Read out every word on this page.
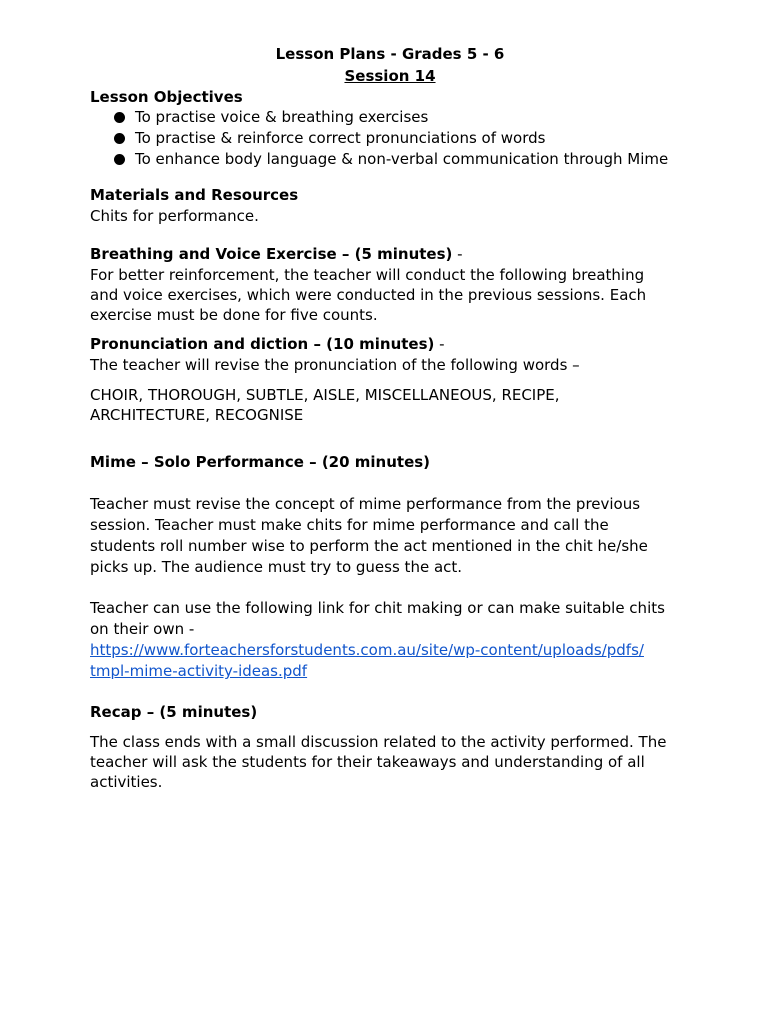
Lesson Plans - Grades 5 - 6
Session 14
Lesson Objectives
To practise voice & breathing exercises
To practise & reinforce correct pronunciations of words
To enhance body language & non-verbal communication through Mime
Materials and Resources
Chits for performance.
Breathing and Voice Exercise – (5 minutes) -

For better reinforcement, the teacher will conduct the following breathing and voice exercises, which were conducted in the previous sessions. Each exercise must be done for five counts.

Pronunciation and diction – (10 minutes) -
The teacher will revise the pronunciation of the following words –

CHOIR, THOROUGH, SUBTLE, AISLE, MISCELLANEOUS, RECIPE, ARCHITECTURE, RECOGNISE

Mime – Solo Performance – (20 minutes)

Teacher must revise the concept of mime performance from the previous session. Teacher must make chits for mime performance and call the students roll number wise to perform the act mentioned in the chit he/she picks up. The audience must try to guess the act.

Teacher can use the following link for chit making or can make suitable chits on their own -

https://www.forteachersforstudents.com.au/site/wp-content/uploads/pdfs/
tmpl-mime-activity-ideas.pdf
Recap – (5 minutes)

The class ends with a small discussion related to the activity performed. The teacher will ask the students for their takeaways and understanding of all activities.
